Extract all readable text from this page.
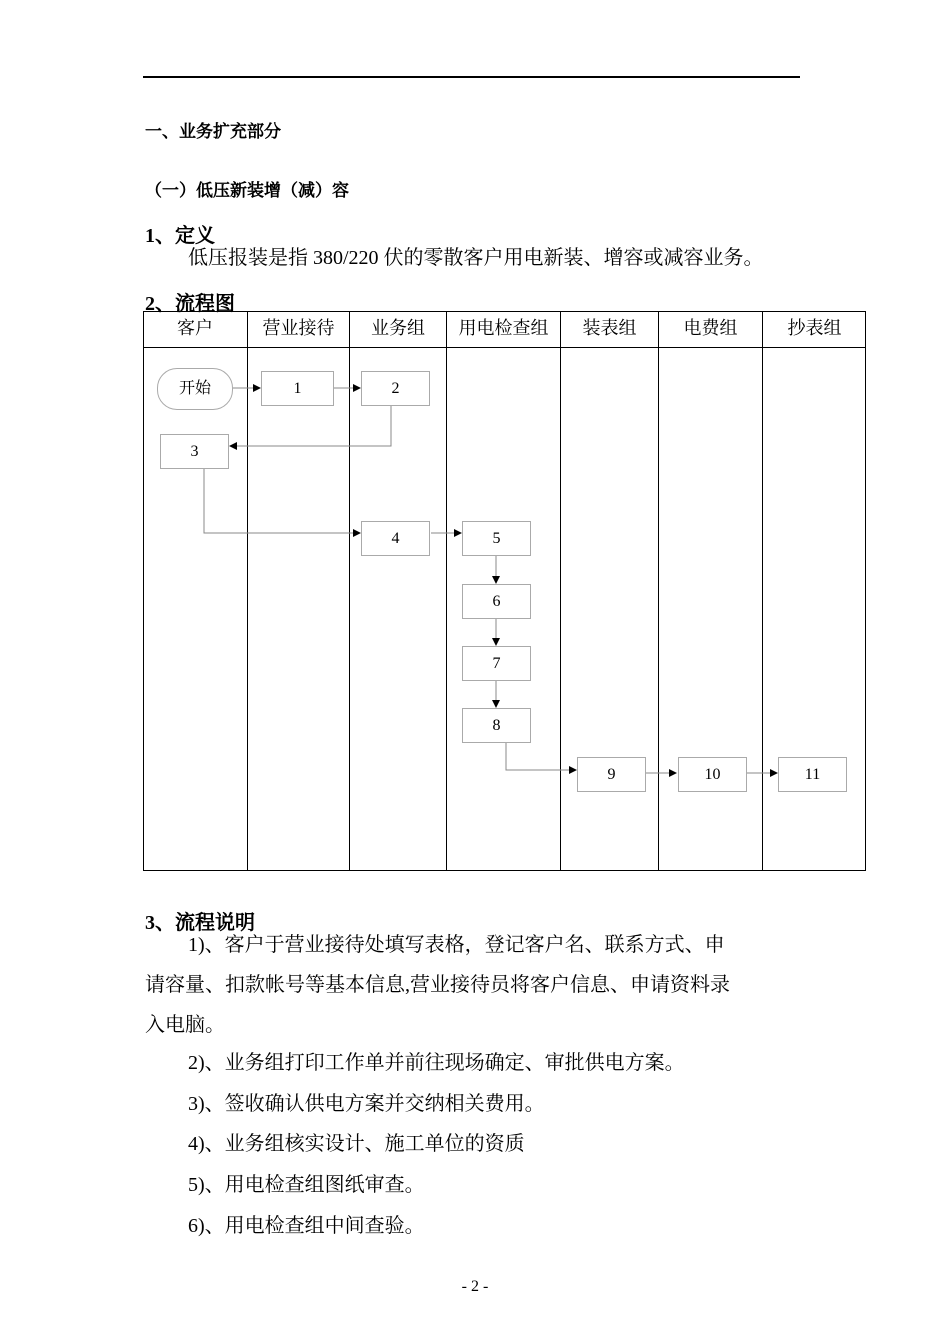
一、业务扩充部分
（一）低压新装增（减）容
1、定义
低压报装是指 380/220 伏的零散客户用电新装、增容或减容业务。
2、流程图
客户	营业接待	业务组	用电检查组	装表组	电费组	抄表组
开始	1	2
3
4	5
6
7
8
9	10	11
3、流程说明
1)、客户于营业接待处填写表格，登记客户名、联系方式、申
请容量、扣款帐号等基本信息,营业接待员将客户信息、申请资料录
入电脑。
2)、业务组打印工作单并前往现场确定、审批供电方案。
3)、签收确认供电方案并交纳相关费用。
4)、业务组核实设计、施工单位的资质
5)、用电检查组图纸审查。
6)、用电检查组中间查验。
- 2 -
